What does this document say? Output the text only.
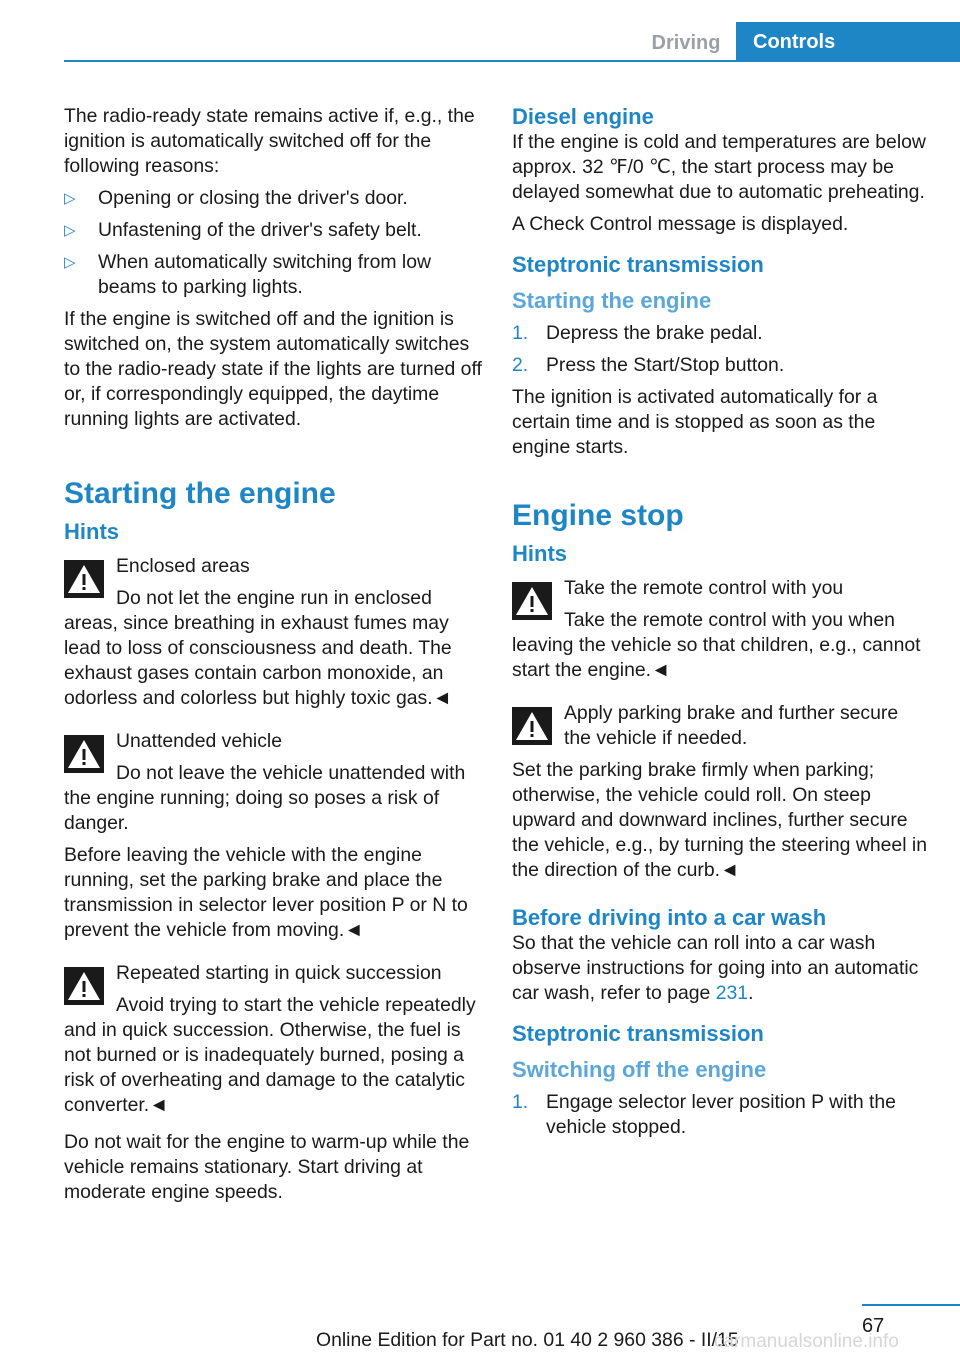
Driving	Controls

The radio-ready state remains active if, e.g., the ignition is automatically switched off for the following reasons:

▷ Opening or closing the driver's door.
▷ Unfastening of the driver's safety belt.
▷ When automatically switching from low beams to parking lights.

If the engine is switched off and the ignition is switched on, the system automatically switches to the radio-ready state if the lights are turned off or, if correspondingly equipped, the daytime running lights are activated.

Starting the engine
Hints
Enclosed areas
Do not let the engine run in enclosed areas, since breathing in exhaust fumes may lead to loss of consciousness and death. The exhaust gases contain carbon monoxide, an odorless and colorless but highly toxic gas.◄
Unattended vehicle
Do not leave the vehicle unattended with the engine running; doing so poses a risk of danger.

Before leaving the vehicle with the engine running, set the parking brake and place the transmission in selector lever position P or N to prevent the vehicle from moving.◄

Repeated starting in quick succession
Avoid trying to start the vehicle repeatedly and in quick succession. Otherwise, the fuel is not burned or is inadequately burned, posing a risk of overheating and damage to the catalytic converter.◄

Do not wait for the engine to warm-up while the vehicle remains stationary. Start driving at moderate engine speeds.

Diesel engine

If the engine is cold and temperatures are below approx. 32 ℉/0 ℃, the start process may be delayed somewhat due to automatic preheating.

A Check Control message is displayed.

Steptronic transmission
Starting the engine
1. Depress the brake pedal.
2. Press the Start/Stop button.

The ignition is activated automatically for a certain time and is stopped as soon as the engine starts.

Engine stop
Hints
Take the remote control with you
Take the remote control with you when leaving the vehicle so that children, e.g., cannot start the engine.◄
Apply parking brake and further secure the vehicle if needed.

Set the parking brake firmly when parking; otherwise, the vehicle could roll. On steep upward and downward inclines, further secure the vehicle, e.g., by turning the steering wheel in the direction of the curb.◄

Before driving into a car wash

So that the vehicle can roll into a car wash observe instructions for going into an automatic car wash, refer to page 231.

Steptronic transmission
Switching off the engine
1. Engage selector lever position P with the vehicle stopped.
67
Online Edition for Part no. 01 40 2 960 386 - II/15
carmanualsonline.info
